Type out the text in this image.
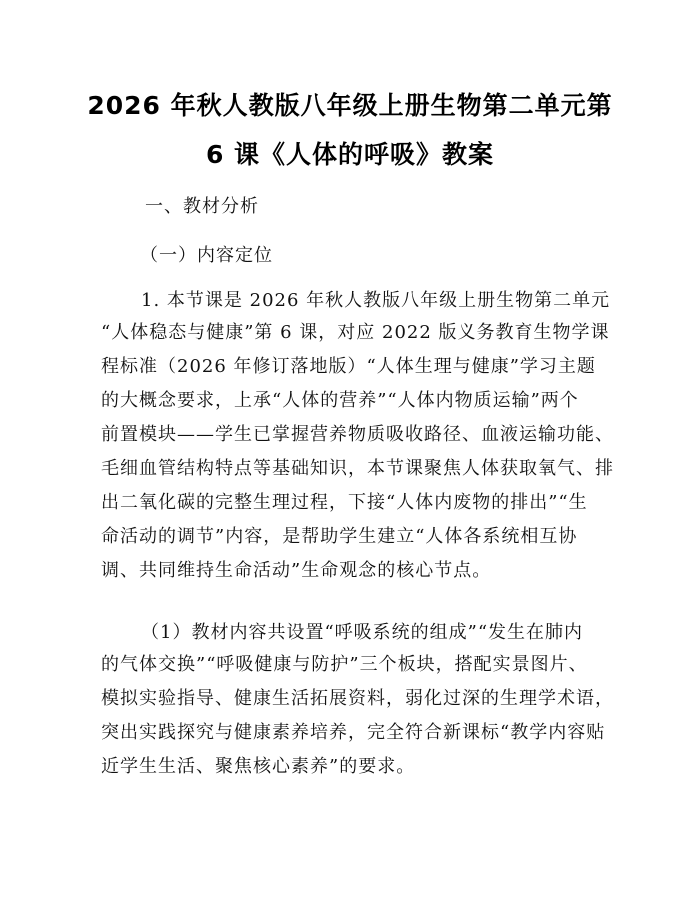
2026 年秋人教版八年级上册生物第二单元第
6 课《人体的呼吸》教案
一、教材分析
（一）内容定位
1. 本节课是 2026 年秋人教版八年级上册生物第二单元
“人体稳态与健康”第 6 课，对应 2022 版义务教育生物学课
程标准（2026 年修订落地版）“人体生理与健康”学习主题
的大概念要求，上承“人体的营养”“人体内物质运输”两个
前置模块——学生已掌握营养物质吸收路径、血液运输功能、
毛细血管结构特点等基础知识，本节课聚焦人体获取氧气、排
出二氧化碳的完整生理过程，下接“人体内废物的排出”“生
命活动的调节”内容，是帮助学生建立“人体各系统相互协
调、共同维持生命活动”生命观念的核心节点。
（1）教材内容共设置“呼吸系统的组成”“发生在肺内
的气体交换”“呼吸健康与防护”三个板块，搭配实景图片、
模拟实验指导、健康生活拓展资料，弱化过深的生理学术语，
突出实践探究与健康素养培养，完全符合新课标“教学内容贴
近学生生活、聚焦核心素养”的要求。
